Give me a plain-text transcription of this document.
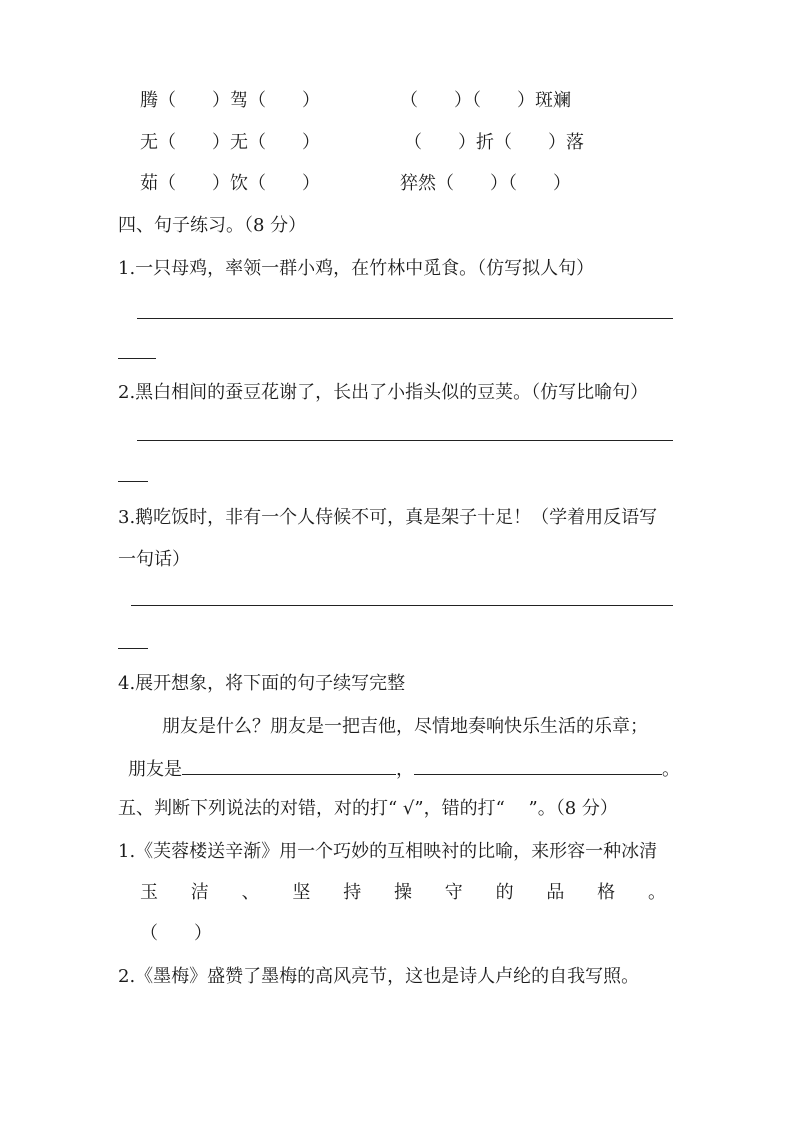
腾（　　）驾（　　）	（　　）（　　）斑斓
无（　　）无（　　）	（　　）折（　　）落
茹（　　）饮（　　）	猝然（　　）（　　）
四、句子练习。（8 分）
1.一只母鸡，率领一群小鸡，在竹林中觅食。（仿写拟人句）
2.黑白相间的蚕豆花谢了，长出了小指头似的豆荚。（仿写比喻句）
3.鹅吃饭时，非有一个人侍候不可，真是架子十足！（学着用反语写
一句话）
4.展开想象，将下面的句子续写完整
朋友是什么？朋友是一把吉他，尽情地奏响快乐生活的乐章；
朋友是	，	。
五、判断下列说法的对错，对的打“ √”，错的打“　 ”。（8 分）
1.《芙蓉楼送辛渐》用一个巧妙的互相映衬的比喻，来形容一种冰清
玉 洁 、 坚 持 操 守 的 品 格 。
（　　）
2.《墨梅》盛赞了墨梅的高风亮节，这也是诗人卢纶的自我写照。
